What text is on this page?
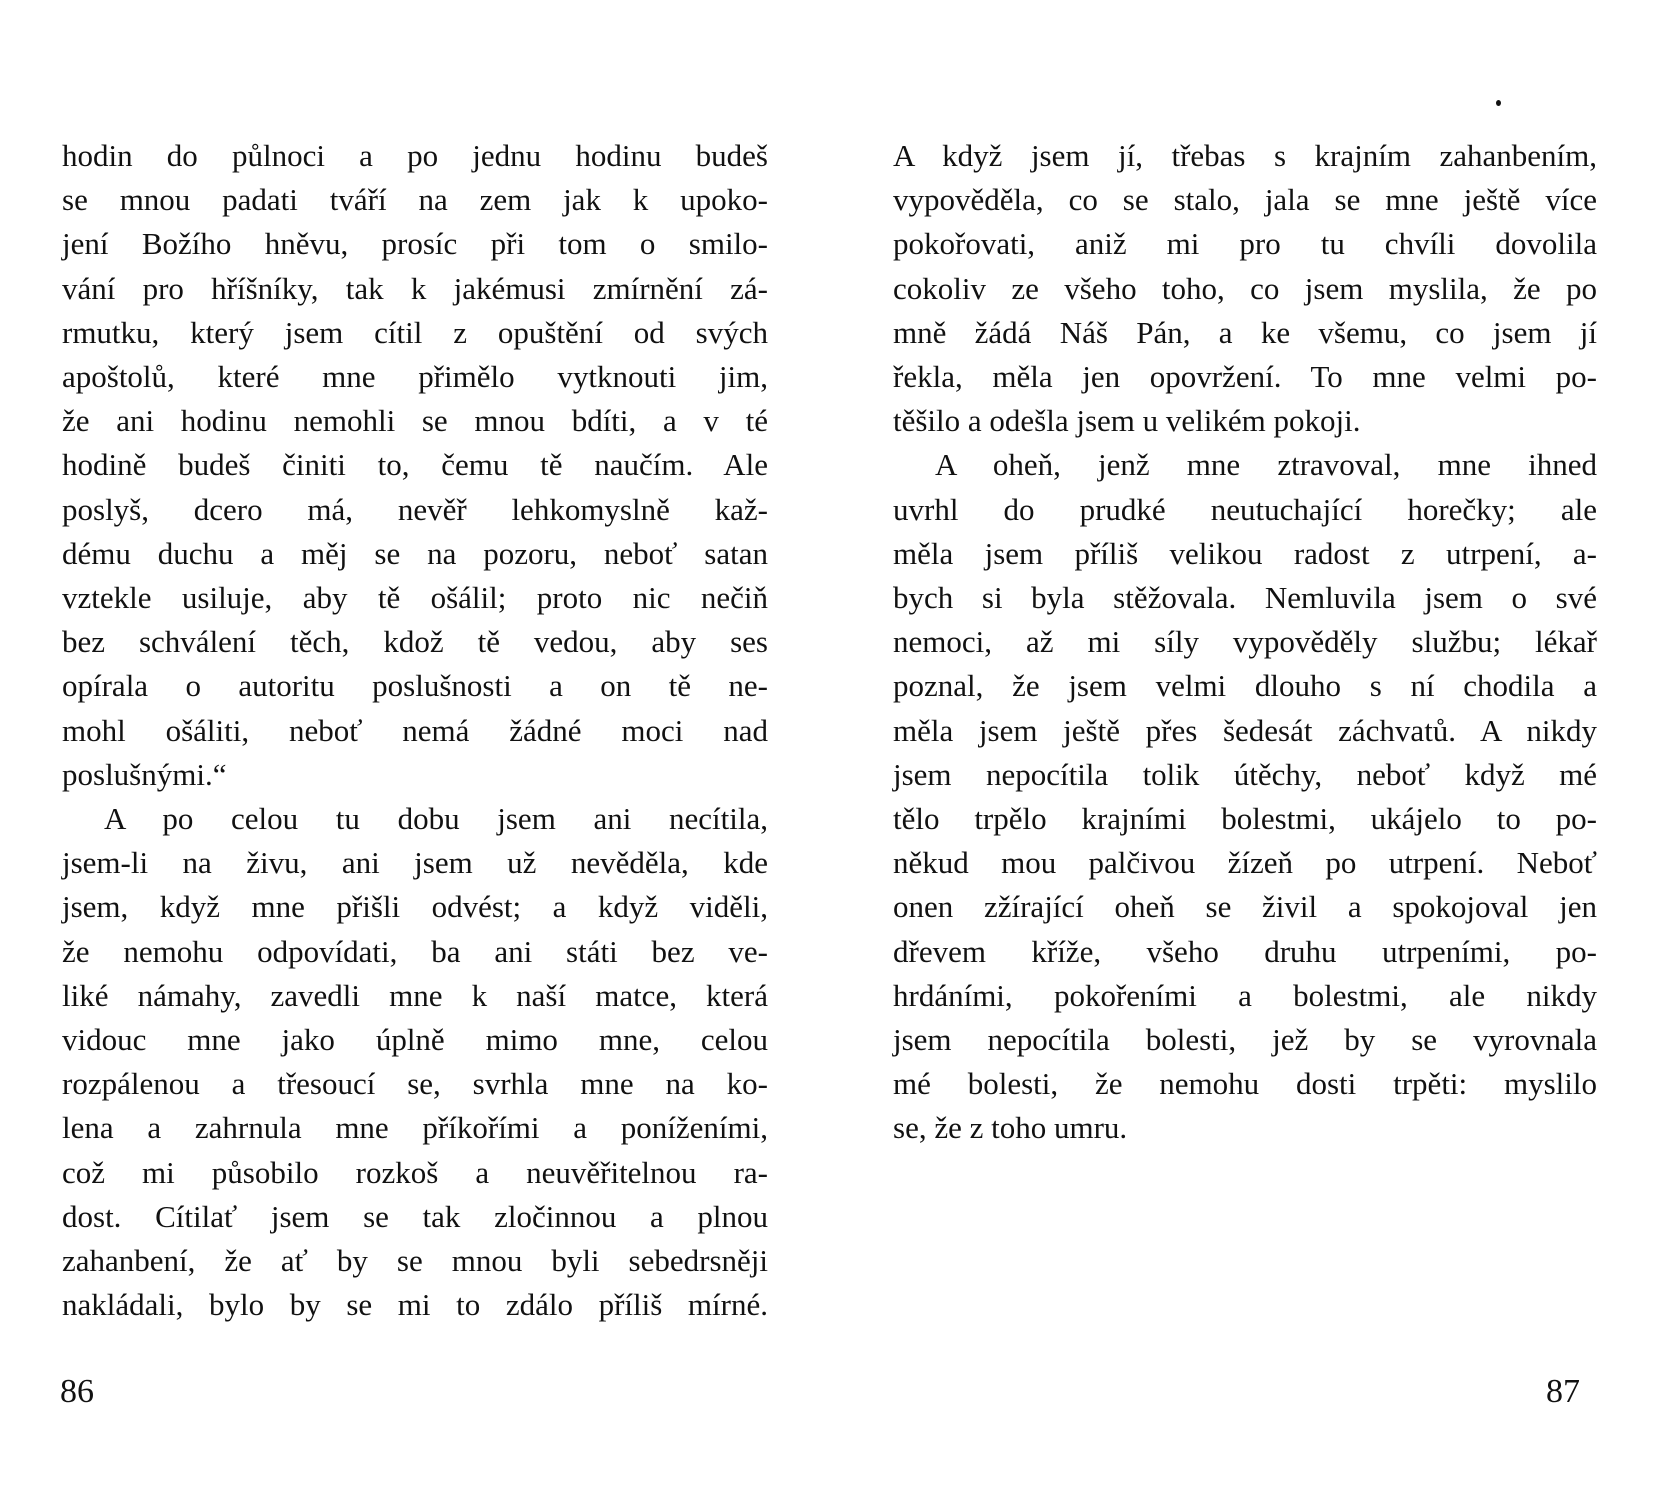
hodin do půlnoci a po jednu hodinu budeš
se mnou padati tváří na zem jak k upoko-
jení Božího hněvu, prosíc při tom o smilo-
vání pro hříšníky, tak k jakémusi zmírnění zá-
rmutku, který jsem cítil z opuštění od svých
apoštolů, které mne přimělo vytknouti jim,
že ani hodinu nemohli se mnou bdíti, a v té
hodině budeš činiti to, čemu tě naučím. Ale
poslyš, dcero má, nevěř lehkomyslně kaž-
dému duchu a měj se na pozoru, neboť satan
vztekle usiluje, aby tě ošálil; proto nic nečiň
bez schválení těch, kdož tě vedou, aby ses
opírala o autoritu poslušnosti a on tě ne-
mohl ošáliti, neboť nemá žádné moci nad
poslušnými.“
A po celou tu dobu jsem ani necítila,
jsem-li na živu, ani jsem už nevěděla, kde
jsem, když mne přišli odvést; a když viděli,
že nemohu odpovídati, ba ani státi bez ve-
liké námahy, zavedli mne k naší matce, která
vidouc mne jako úplně mimo mne, celou
rozpálenou a třesoucí se, svrhla mne na ko-
lena a zahrnula mne příkořími a poníženími,
což mi působilo rozkoš a neuvěřitelnou ra-
dost. Cítilať jsem se tak zločinnou a plnou
zahanbení, že ať by se mnou byli sebedrsněji
nakládali, bylo by se mi to zdálo příliš mírné.
86
A když jsem jí, třebas s krajním zahanbením,
vypověděla, co se stalo, jala se mne ještě více
pokořovati, aniž mi pro tu chvíli dovolila
cokoliv ze všeho toho, co jsem myslila, že po
mně žádá Náš Pán, a ke všemu, co jsem jí
řekla, měla jen opovržení. To mne velmi po-
těšilo a odešla jsem u velikém pokoji.
A oheň, jenž mne ztravoval, mne ihned
uvrhl do prudké neutuchající horečky; ale
měla jsem příliš velikou radost z utrpení, a-
bych si byla stěžovala. Nemluvila jsem o své
nemoci, až mi síly vypověděly službu; lékař
poznal, že jsem velmi dlouho s ní chodila a
měla jsem ještě přes šedesát záchvatů. A nikdy
jsem nepocítila tolik útěchy, neboť když mé
tělo trpělo krajními bolestmi, ukájelo to po-
někud mou palčivou žízeň po utrpení. Neboť
onen zžírající oheň se živil a spokojoval jen
dřevem kříže, všeho druhu utrpeními, po-
hrdáními, pokořeními a bolestmi, ale nikdy
jsem nepocítila bolesti, jež by se vyrovnala
mé bolesti, že nemohu dosti trpěti: myslilo
se, že z toho umru.
87
